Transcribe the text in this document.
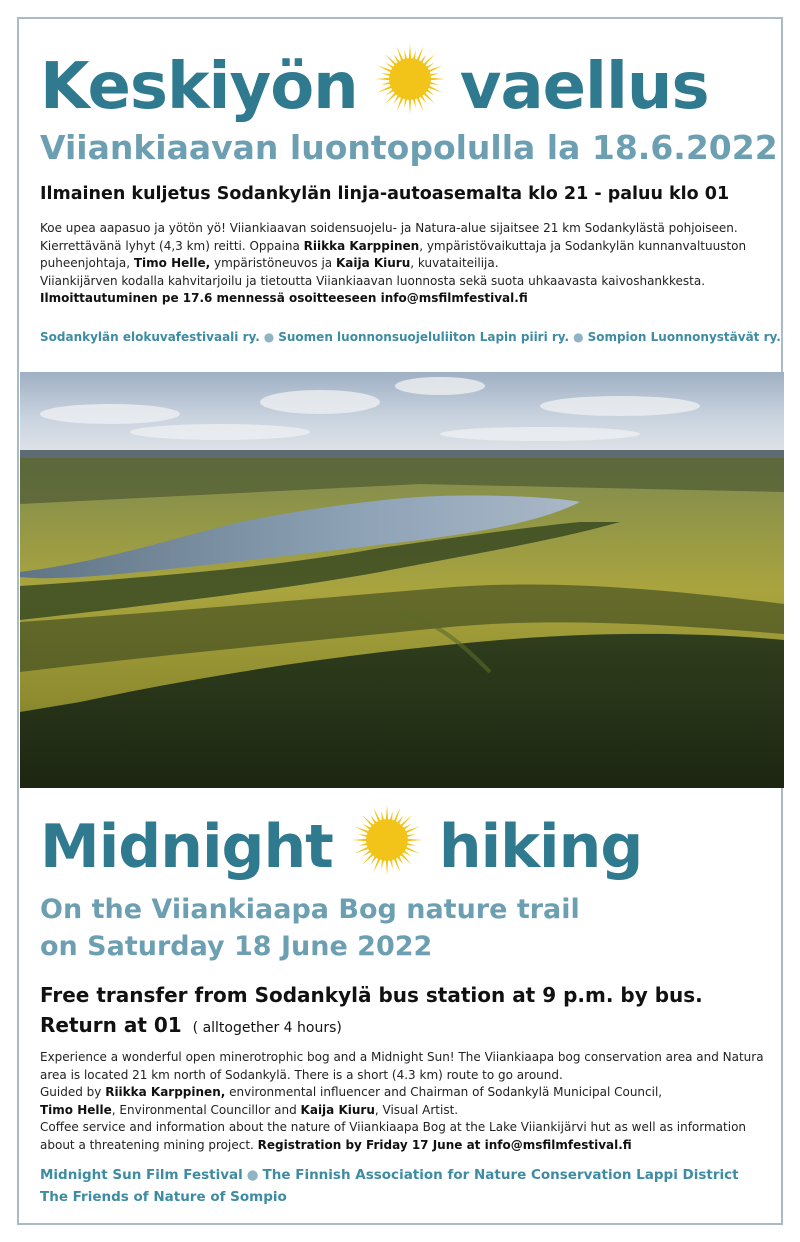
Keskiyön vaellus
Viiankiaavan luontopolulla la 18.6.2022
Ilmainen kuljetus Sodankylän linja-autoasemalta klo 21 - paluu klo 01

Koe upea aapasuo ja yötön yö! Viiankiaavan soidensuojelu- ja Natura-alue sijaitsee 21 km Sodankylästä pohjoiseen. Kierrettävänä lyhyt (4,3 km) reitti. Oppaina Riikka Karppinen, ympäristövaikuttaja ja Sodankylän kunnanvaltuuston puheenjohtaja, Timo Helle, ympäristöneuvos ja Kaija Kiuru, kuvataiteilija.

Viiankijärven kodalla kahvitarjoilu ja tietoutta Viiankiaavan luonnosta sekä suota uhkaavasta kaivoshankkesta.

Ilmoittautuminen pe 17.6 mennessä osoitteeseen info@msfilmfestival.fi

Sodankylän elokuvafestivaali ry. ● Suomen luonnonsuojeluliiton Lapin piiri ry. ● Sompion Luonnonystävät ry.
Midnight hiking
On the Viiankiaapa Bog nature trail
on Saturday 18 June 2022
Free transfer from Sodankylä bus station at 9 p.m. by bus.
Return at 01 ( alltogether 4 hours)

Experience a wonderful open minerotrophic bog and a Midnight Sun! The Viiankiaapa bog conservation area and Natura area is located 21 km north of Sodankylä. There is a short (4.3 km) route to go around.

Guided by Riikka Karppinen, environmental influencer and Chairman of Sodankylä Municipal Council,
Timo Helle, Environmental Councillor and Kaija Kiuru, Visual Artist.

Coffee service and information about the nature of Viiankiaapa Bog at the Lake Viiankijärvi hut as well as information about a threatening mining project. Registration by Friday 17 June at info@msfilmfestival.fi

Midnight Sun Film Festival ● The Finnish Association for Nature Conservation Lappi District
The Friends of Nature of Sompio
